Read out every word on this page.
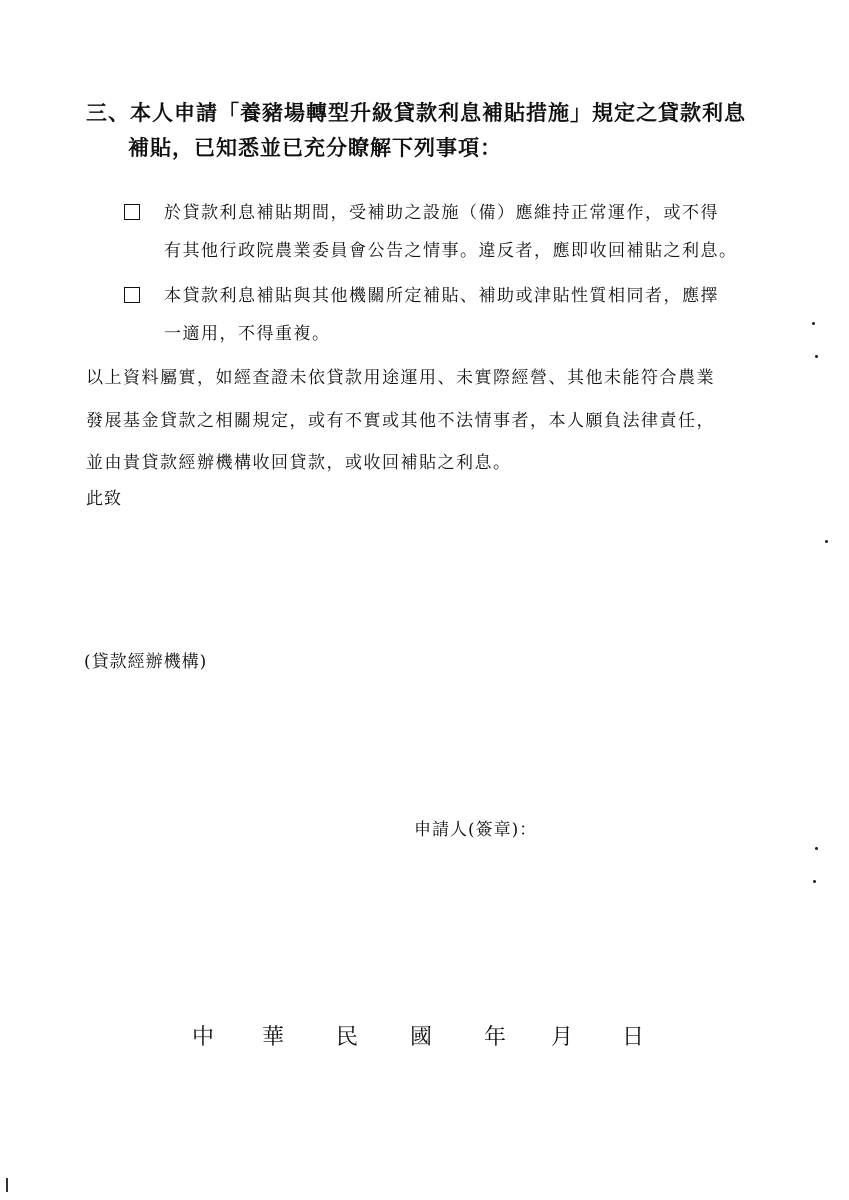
三、本人申請「養豬場轉型升級貸款利息補貼措施」規定之貸款利息
補貼，已知悉並已充分瞭解下列事項：
於貸款利息補貼期間，受補助之設施（備）應維持正常運作，或不得
有其他行政院農業委員會公告之情事。違反者，應即收回補貼之利息。
本貸款利息補貼與其他機關所定補貼、補助或津貼性質相同者，應擇
一適用，不得重複。
以上資料屬實，如經查證未依貸款用途運用、未實際經營、其他未能符合農業
發展基金貸款之相關規定，或有不實或其他不法情事者，本人願負法律責任，
並由貴貸款經辦機構收回貸款，或收回補貼之利息。
此致
(貸款經辦機構)
申請人(簽章)：
中 華 民 國 年 月 日
